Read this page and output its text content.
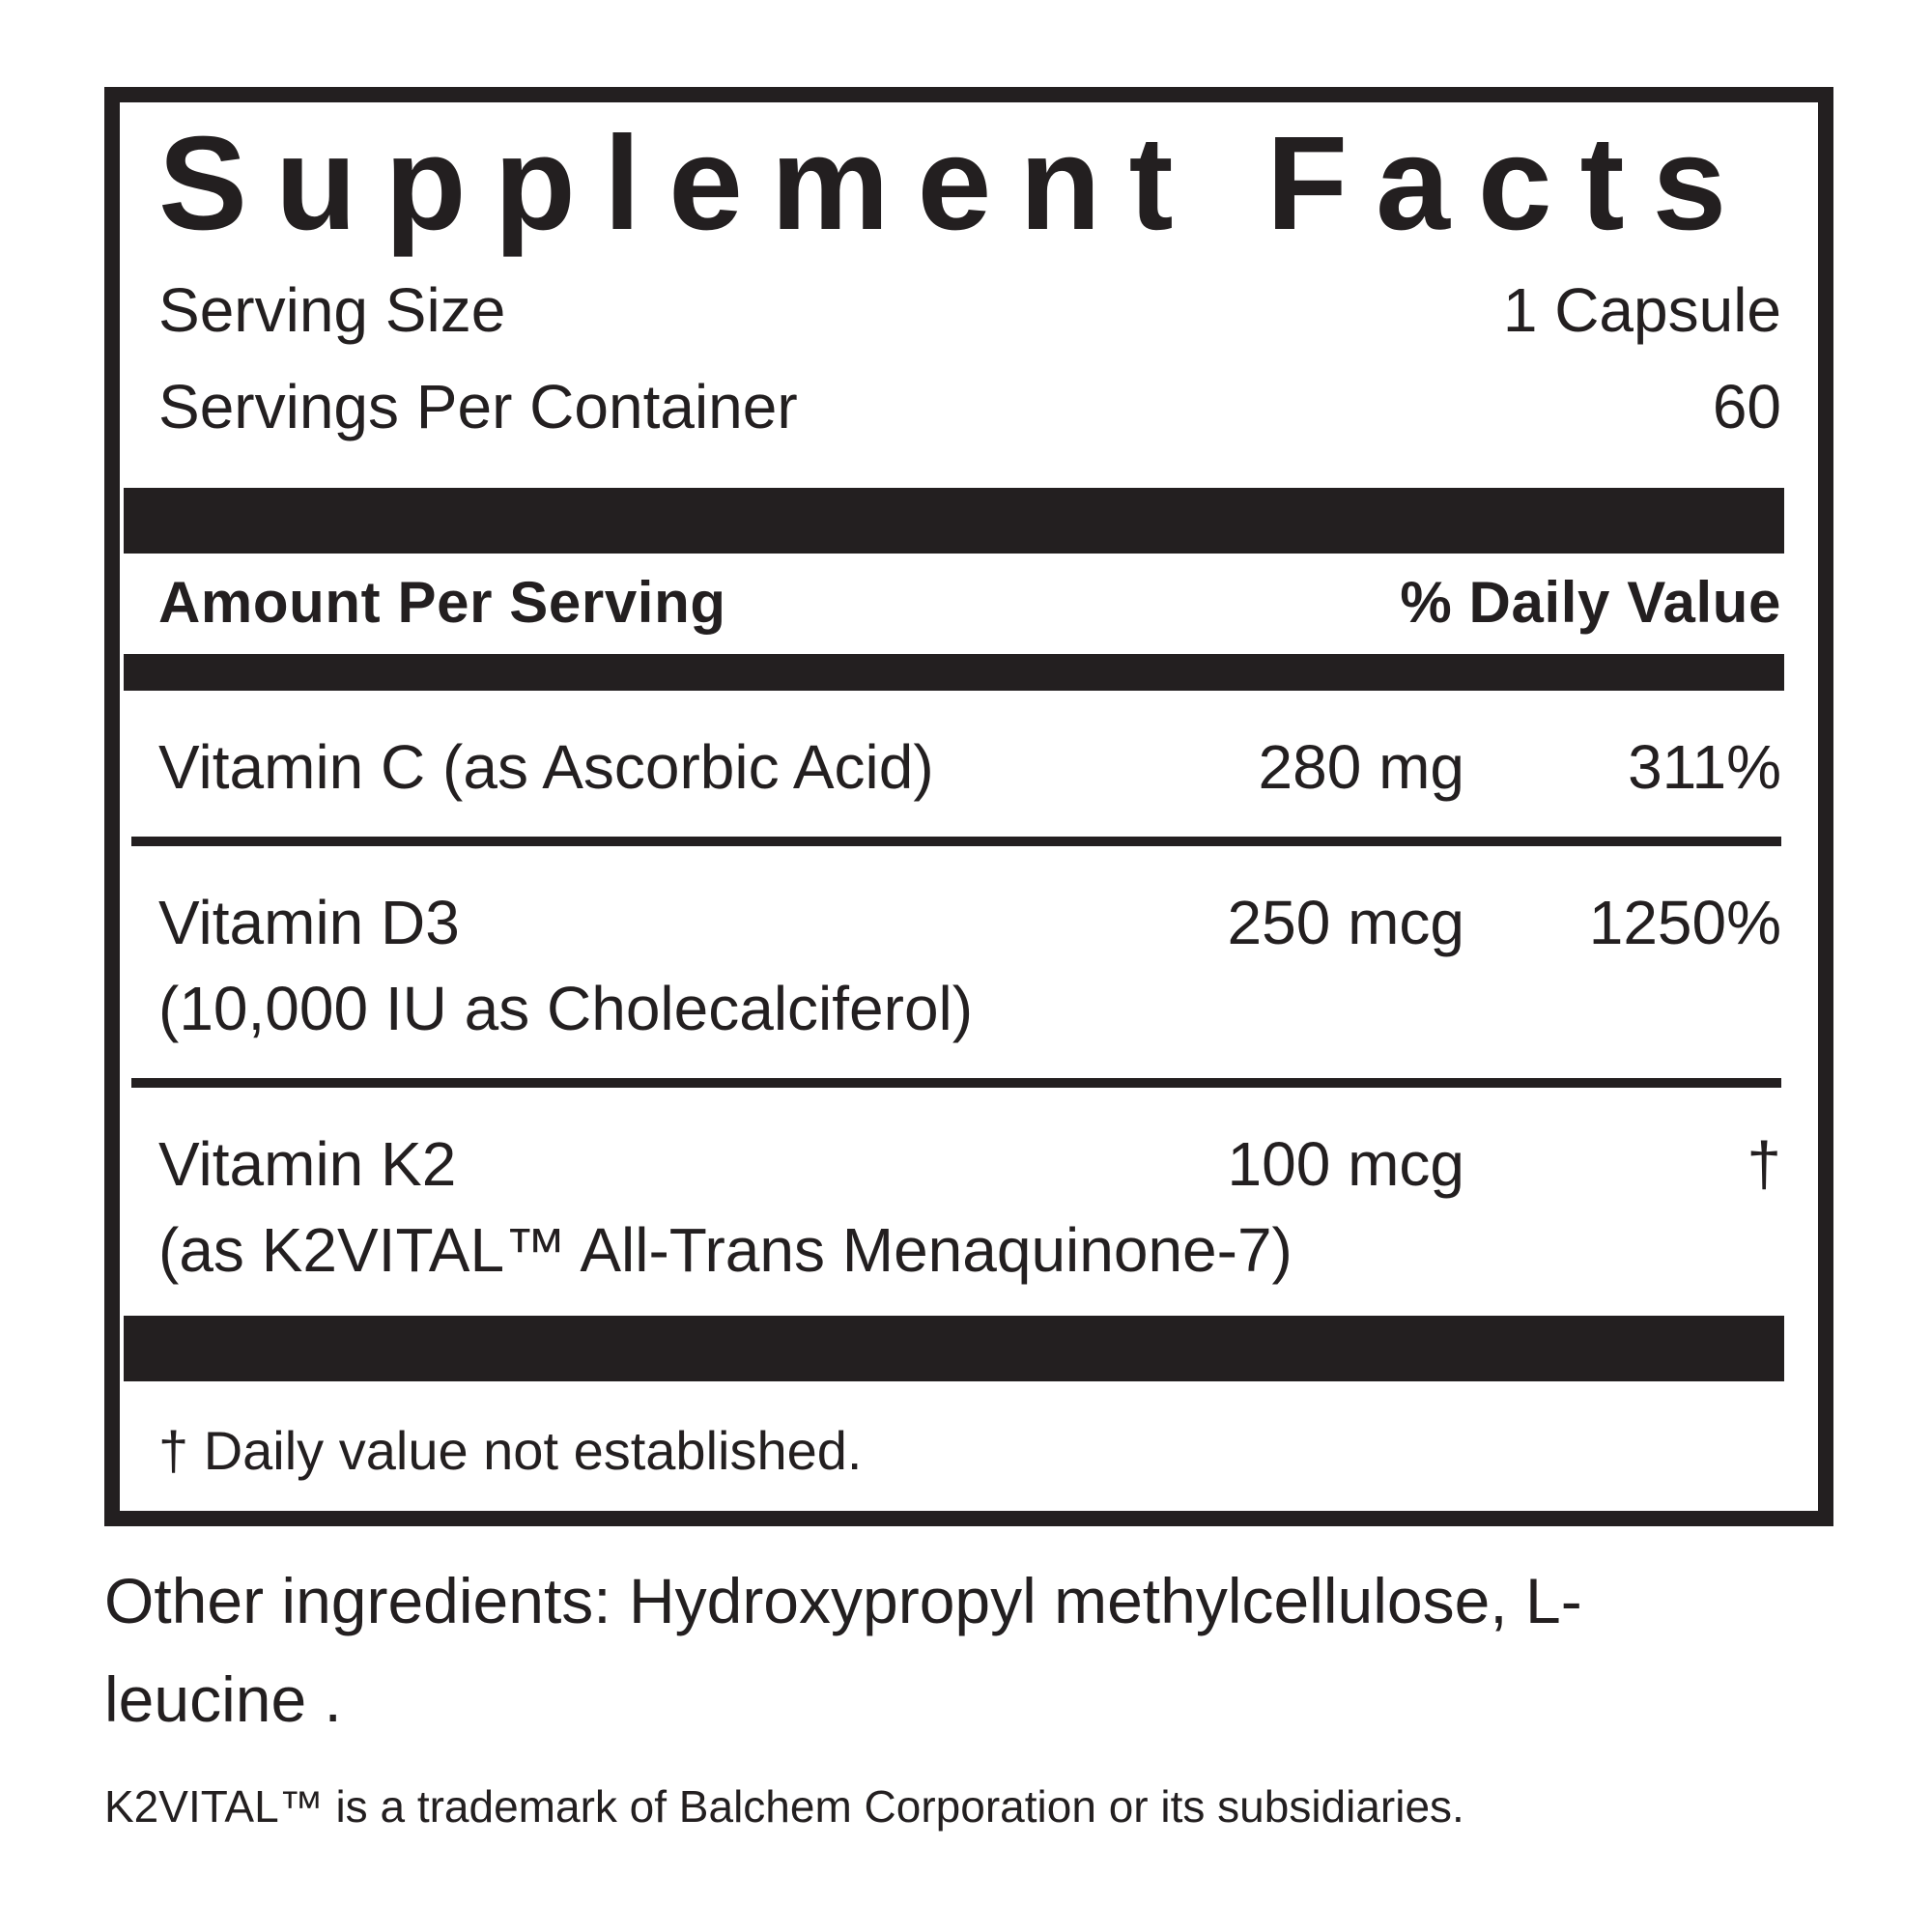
Supplement Facts
Serving Size	1 Capsule
Servings Per Container	60
Amount Per Serving	% Daily Value
Vitamin C (as Ascorbic Acid)	280 mg	311%
Vitamin D3	250 mcg	1250%
(10,000 IU as Cholecalciferol)
Vitamin K2	100 mcg	†
(as K2VITAL™ All-Trans Menaquinone-7)
† Daily value not established.

Other ingredients: Hydroxypropyl methylcellulose, L-leucine .

K2VITAL™ is a trademark of Balchem Corporation or its subsidiaries.
